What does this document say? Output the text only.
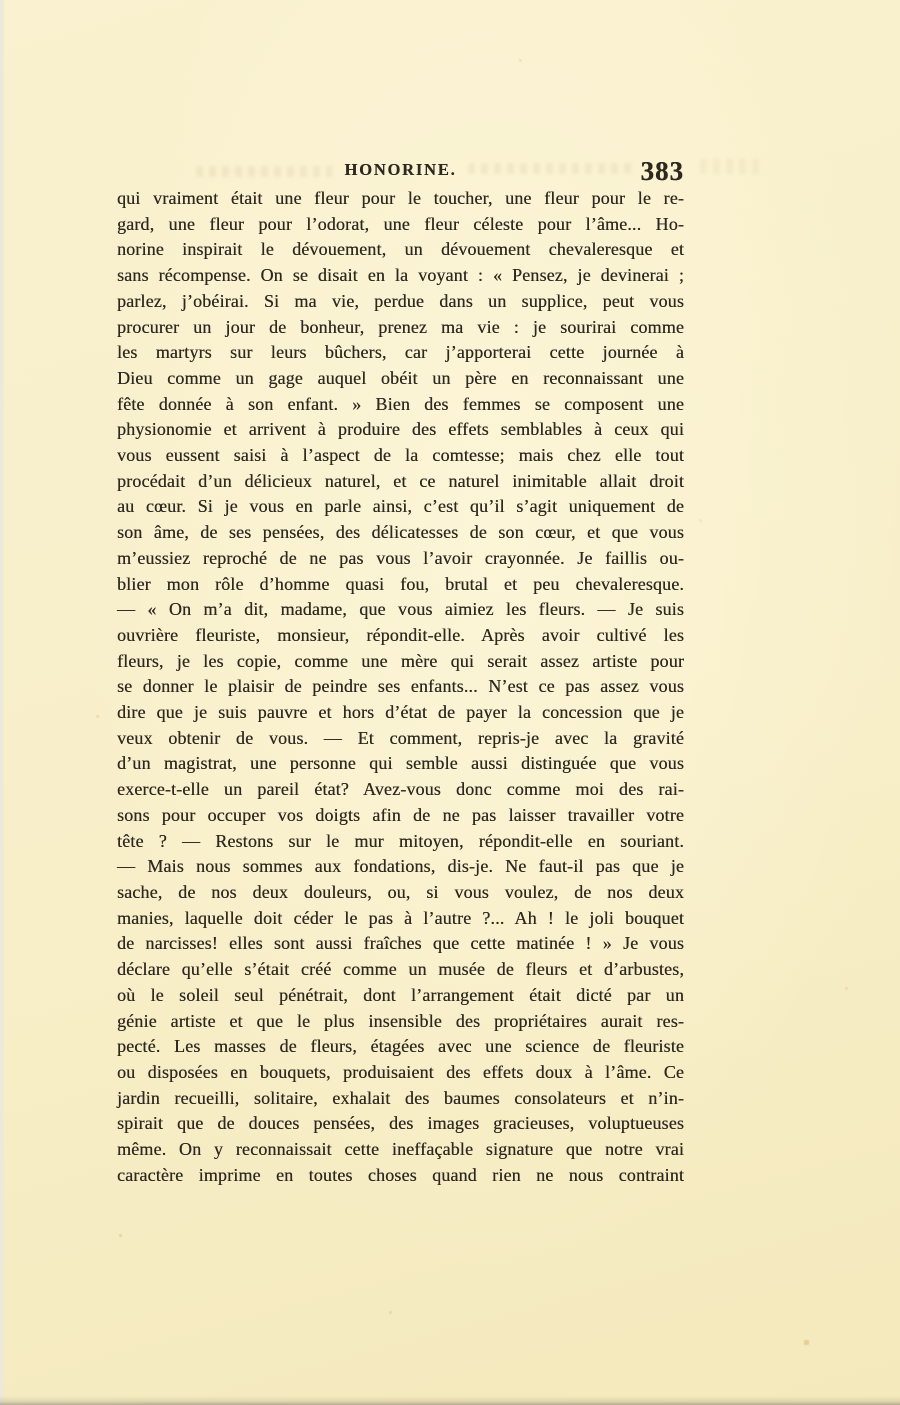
HONORINE.	383
qui vraiment était une fleur pour le toucher, une fleur pour le re-
gard, une fleur pour l’odorat, une fleur céleste pour l’âme... Ho-
norine inspirait le dévouement, un dévouement chevaleresque et
sans récompense. On se disait en la voyant : « Pensez, je devinerai ;
parlez, j’obéirai. Si ma vie, perdue dans un supplice, peut vous
procurer un jour de bonheur, prenez ma vie : je sourirai comme
les martyrs sur leurs bûchers, car j’apporterai cette journée à
Dieu comme un gage auquel obéit un père en reconnaissant une
fête donnée à son enfant. » Bien des femmes se composent une
physionomie et arrivent à produire des effets semblables à ceux qui
vous eussent saisi à l’aspect de la comtesse; mais chez elle tout
procédait d’un délicieux naturel, et ce naturel inimitable allait droit
au cœur. Si je vous en parle ainsi, c’est qu’il s’agit uniquement de
son âme, de ses pensées, des délicatesses de son cœur, et que vous
m’eussiez reproché de ne pas vous l’avoir crayonnée. Je faillis ou-
blier mon rôle d’homme quasi fou, brutal et peu chevaleresque.
— « On m’a dit, madame, que vous aimiez les fleurs. — Je suis
ouvrière fleuriste, monsieur, répondit-elle. Après avoir cultivé les
fleurs, je les copie, comme une mère qui serait assez artiste pour
se donner le plaisir de peindre ses enfants... N’est ce pas assez vous
dire que je suis pauvre et hors d’état de payer la concession que je
veux obtenir de vous. — Et comment, repris-je avec la gravité
d’un magistrat, une personne qui semble aussi distinguée que vous
exerce-t-elle un pareil état? Avez-vous donc comme moi des rai-
sons pour occuper vos doigts afin de ne pas laisser travailler votre
tête ? — Restons sur le mur mitoyen, répondit-elle en souriant.
— Mais nous sommes aux fondations, dis-je. Ne faut-il pas que je
sache, de nos deux douleurs, ou, si vous voulez, de nos deux
manies, laquelle doit céder le pas à l’autre ?... Ah ! le joli bouquet
de narcisses! elles sont aussi fraîches que cette matinée ! » Je vous
déclare qu’elle s’était créé comme un musée de fleurs et d’arbustes,
où le soleil seul pénétrait, dont l’arrangement était dicté par un
génie artiste et que le plus insensible des propriétaires aurait res-
pecté. Les masses de fleurs, étagées avec une science de fleuriste
ou disposées en bouquets, produisaient des effets doux à l’âme. Ce
jardin recueilli, solitaire, exhalait des baumes consolateurs et n’in-
spirait que de douces pensées, des images gracieuses, voluptueuses
même. On y reconnaissait cette ineffaçable signature que notre vrai
caractère imprime en toutes choses quand rien ne nous contraint
